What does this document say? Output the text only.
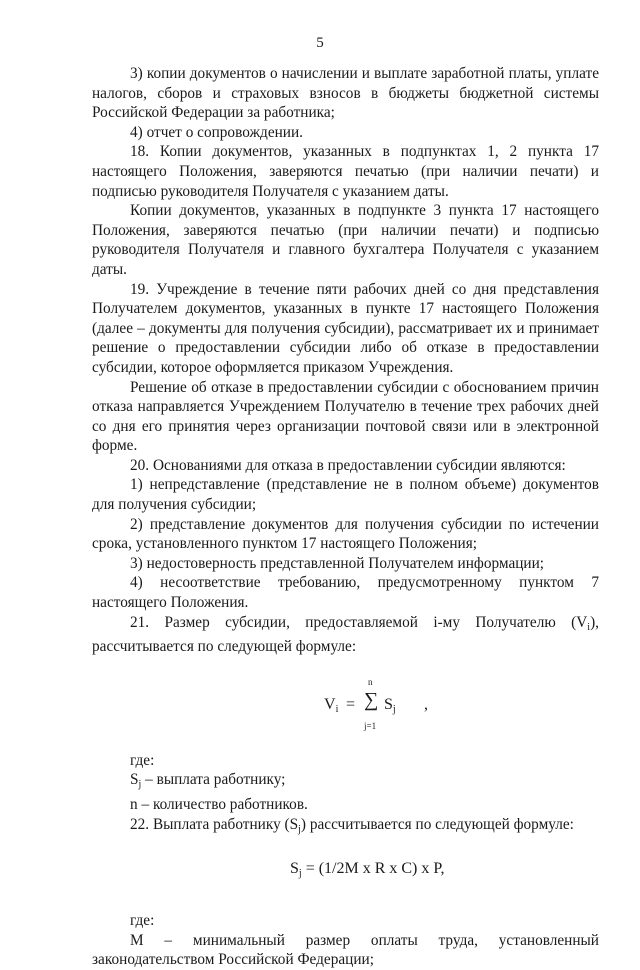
5

3) копии документов о начислении и выплате заработной платы, уплате налогов, сборов и страховых взносов в бюджеты бюджетной системы Российской Федерации за работника;

4) отчет о сопровождении.

18. Копии документов, указанных в подпунктах 1, 2 пункта 17 настоящего Положения, заверяются печатью (при наличии печати) и подписью руководителя Получателя с указанием даты.

Копии документов, указанных в подпункте 3 пункта 17 настоящего Положения, заверяются печатью (при наличии печати) и подписью руководителя Получателя и главного бухгалтера Получателя с указанием даты.

19. Учреждение в течение пяти рабочих дней со дня представления Получателем документов, указанных в пункте 17 настоящего Положения (далее – документы для получения субсидии), рассматривает их и принимает решение о предоставлении субсидии либо об отказе в предоставлении субсидии, которое оформляется приказом Учреждения.

Решение об отказе в предоставлении субсидии с обоснованием причин отказа направляется Учреждением Получателю в течение трех рабочих дней со дня его принятия через организации почтовой связи или в электронной форме.

20. Основаниями для отказа в предоставлении субсидии являются:

1) непредставление (представление не в полном объеме) документов для получения субсидии;

2) представление документов для получения субсидии по истечении срока, установленного пунктом 17 настоящего Положения;

3) недостоверность представленной Получателем информации;

4) несоответствие требованию, предусмотренному пунктом 7 настоящего Положения.

21. Размер субсидии, предоставляемой i-му Получателю $(V_i)$, рассчитывается по следующей формуле:

$V_i$ =
n
∑
j=1
$S_j$ ,

где:

$S_j$ – выплата работнику;

n – количество работников.

22. Выплата работнику $(S_j)$ рассчитывается по следующей формуле:

$S_j = (1/2M$ x R x C) x P,

где:

М – минимальный размер оплаты труда, установленный законодательством Российской Федерации;
